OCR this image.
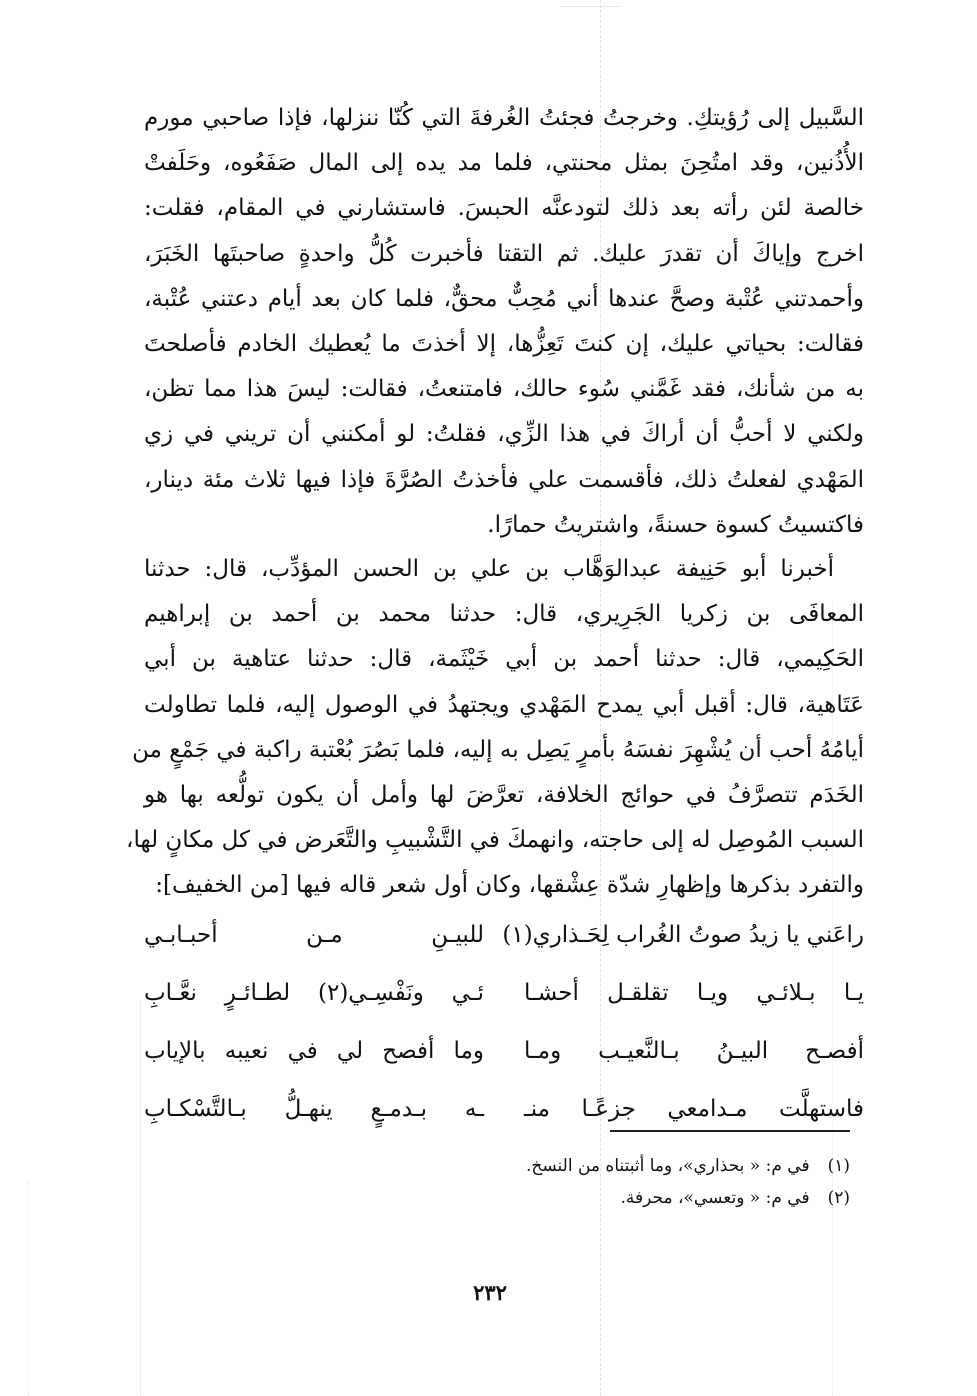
السَّبيل إلى رُؤيتكِ. وخرجتُ فجئتُ الغُرفةَ التي كُنّا ننزلها، فإذا صاحبي مورم
الأُذُنين، وقد امتُحِنَ بمثل محنتي، فلما مد يده إلى المال صَفَعُوه، وحَلَفتْ
خالصة لئن رأته بعد ذلك لتودعنَّه الحبسَ. فاستشارني في المقام، فقلت:
اخرج وإياكَ أن تقدرَ عليك. ثم التقتا فأخبرت كُلُّ واحدةٍ صاحبتَها الخَبَرَ،
وأحمدتني عُتْبة وصحَّ عندها أني مُحِبٌّ محقٌّ، فلما كان بعد أيام دعتني عُتْبة،
فقالت: بحياتي عليك، إن كنتَ تَعِزُّها، إلا أخذتَ ما يُعطيك الخادم فأصلحتَ
به من شأنك، فقد غَمَّني سُوء حالك، فامتنعتُ، فقالت: ليسَ هذا مما تظن،
ولكني لا أحبُّ أن أراكَ في هذا الزِّي، فقلتُ: لو أمكنني أن تريني في زي
المَهْدي لفعلتُ ذلك، فأقسمت علي فأخذتُ الصُرَّةَ فإذا فيها ثلاث مئة دينار،
فاكتسيتُ كسوة حسنةً، واشتريتُ حمارًا.
أخبرنا أبو حَنِيفة عبدالوَهَّاب بن علي بن الحسن المؤدِّب، قال: حدثنا
المعافَى بن زكريا الجَرِيري، قال: حدثنا محمد بن أحمد بن إبراهيم
الحَكِيمي، قال: حدثنا أحمد بن أبي خَيْثَمة، قال: حدثنا عتاهية بن أبي
عَتَاهية، قال: أقبل أبي يمدح المَهْدي ويجتهدُ في الوصول إليه، فلما تطاولت
أيامُهُ أحب أن يُشْهِرَ نفسَهُ بأمرٍ يَصِل به إليه، فلما بَصُرَ بُعْتبة راكبة في جَمْعٍ من
الخَدَم تتصرَّفُ في حوائج الخلافة، تعرَّضَ لها وأمل أن يكون تولُّعه بها هو
السبب المُوصِل له إلى حاجته، وانهمكَ في التَّشْبيبِ والتَّعَرض في كل مكانٍ لها،
والتفرد بذكرها وإظهارِ شدّة عِشْقها، وكان أول شعر قاله فيها [من الخفيف]:
راعَني يا زيدُ صوتُ الغُراب لِحَـذاري(١)
للبيـنِ مـن أحبـابـي
يـا بـلائـي ويـا تقلقـل أحشـا
ئـي ونَفْسِـي(٢) لطـائـرٍ نعَّـابِ
أفصـح البيـنُ بـالنَّعيـب ومـا
وما أفصح لي في نعيبه بالإياب
فاستهلَّت مـدامعي جزعًـا منـ
ـه بـدمـعٍ ينهـلُّ بـالتَّسْكـابِ
(١)في م: « بحذاري»، وما أثبتناه من النسخ.
(٢)في م: « وتعسي»، محرفة.
٢٣٢
